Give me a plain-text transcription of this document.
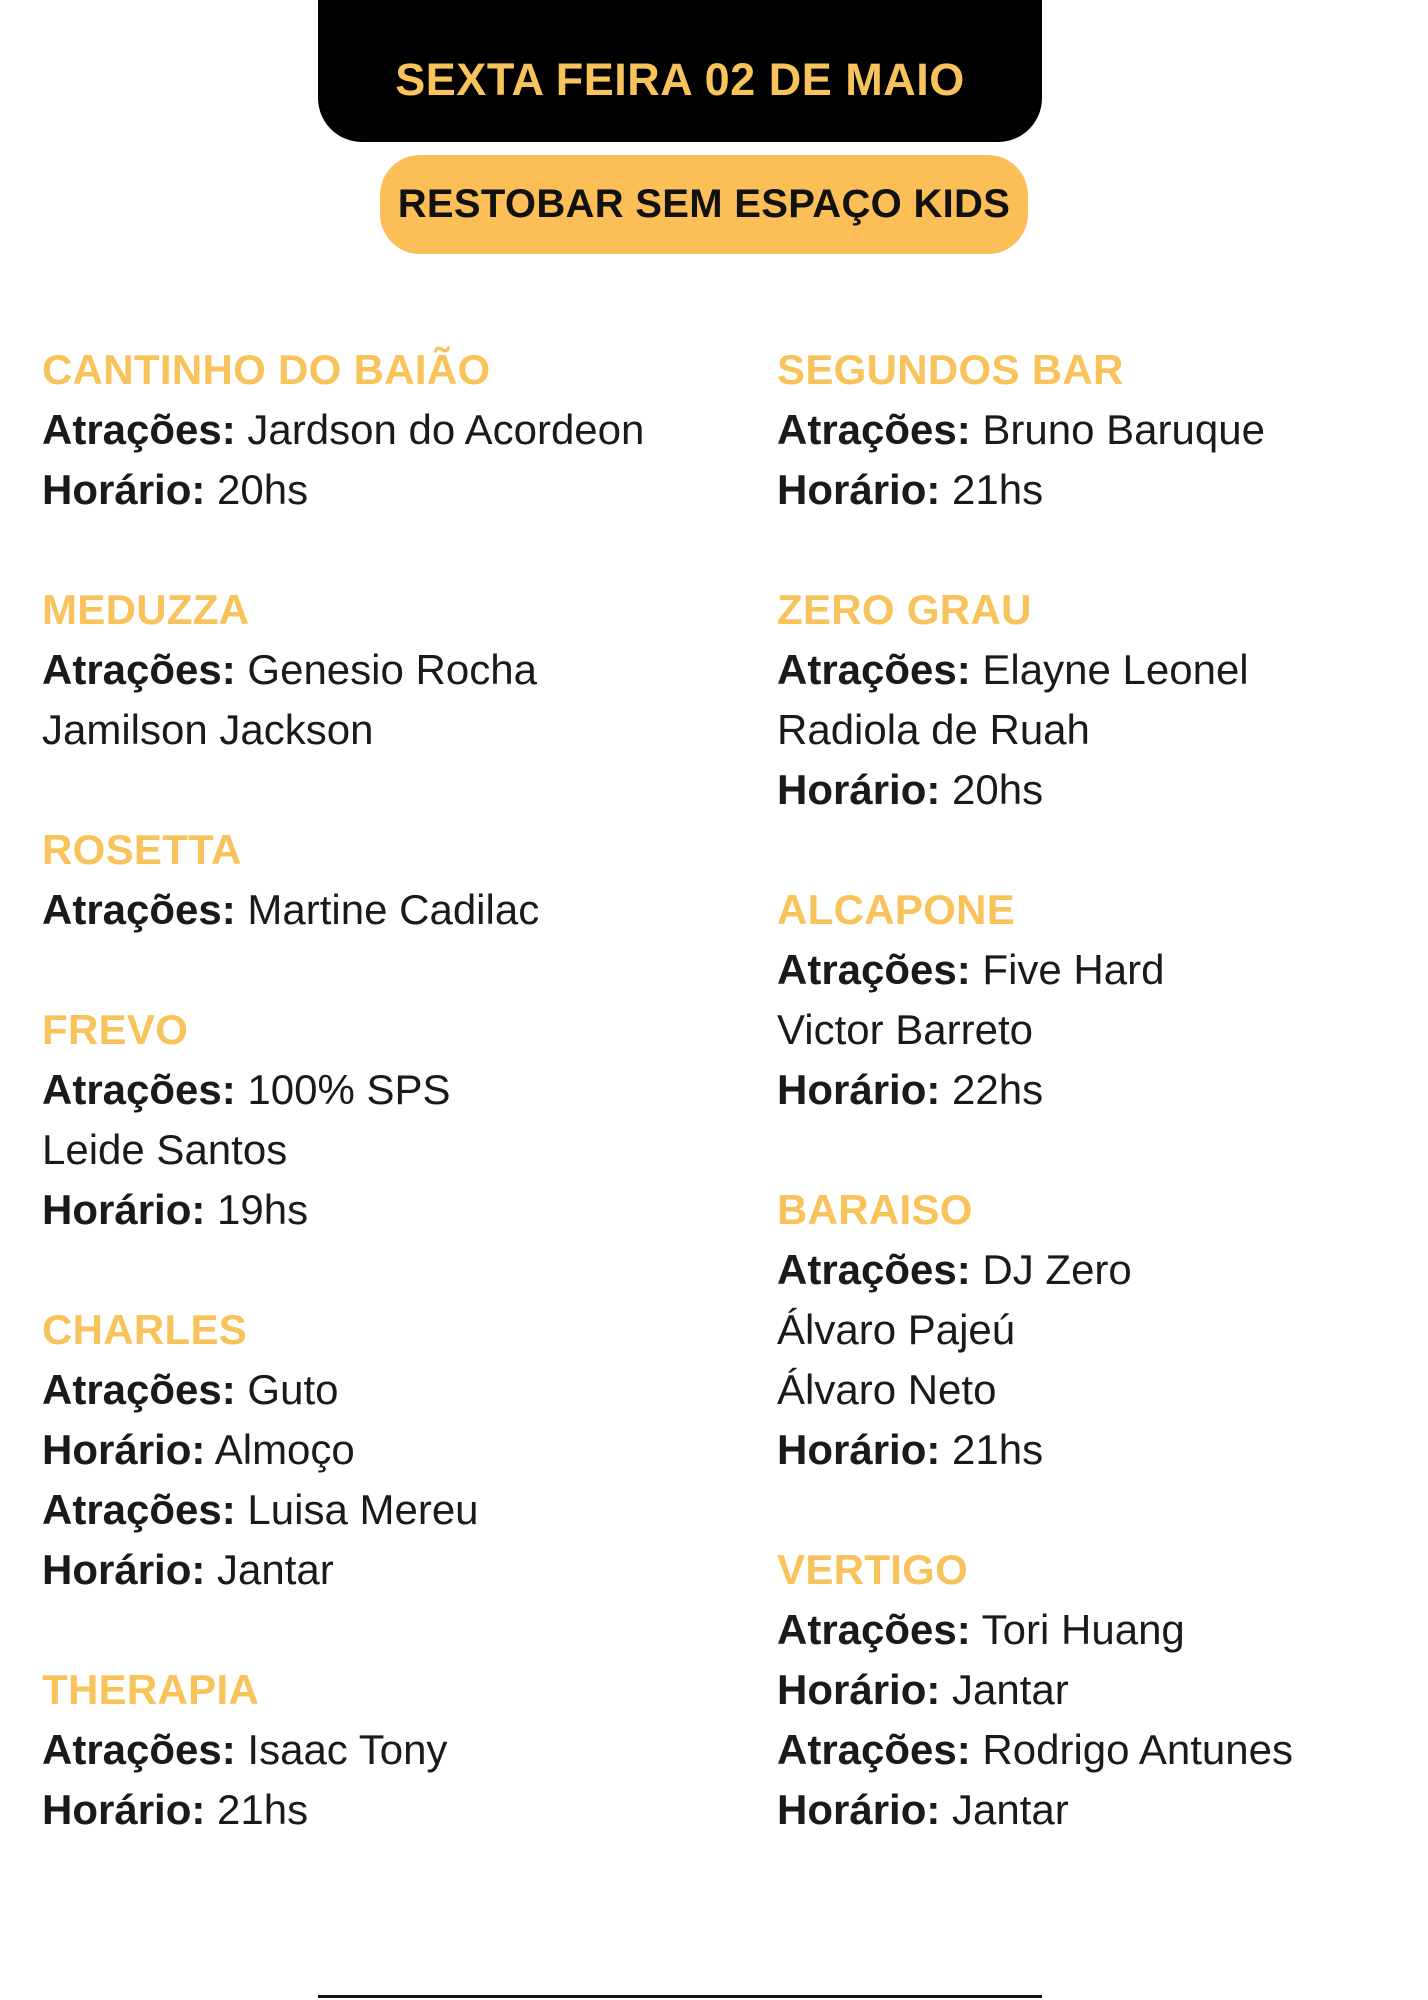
SEXTA FEIRA 02 DE MAIO
RESTOBAR SEM ESPAÇO KIDS
CANTINHO DO BAIÃO
Atrações: Jardson do Acordeon
Horário: 20hs
MEDUZZA
Atrações: Genesio Rocha
Jamilson Jackson
ROSETTA
Atrações: Martine Cadilac
FREVO
Atrações: 100% SPS
Leide Santos
Horário: 19hs
CHARLES
Atrações: Guto
Horário: Almoço
Atrações: Luisa Mereu
Horário: Jantar
THERAPIA
Atrações: Isaac Tony
Horário: 21hs
SEGUNDOS BAR
Atrações: Bruno Baruque
Horário: 21hs
ZERO GRAU
Atrações: Elayne Leonel
Radiola de Ruah
Horário: 20hs
ALCAPONE
Atrações: Five Hard
Victor Barreto
Horário: 22hs
BARAISO
Atrações: DJ Zero
Álvaro Pajeú
Álvaro Neto
Horário: 21hs
VERTIGO
Atrações: Tori Huang
Horário: Jantar
Atrações: Rodrigo Antunes
Horário: Jantar
